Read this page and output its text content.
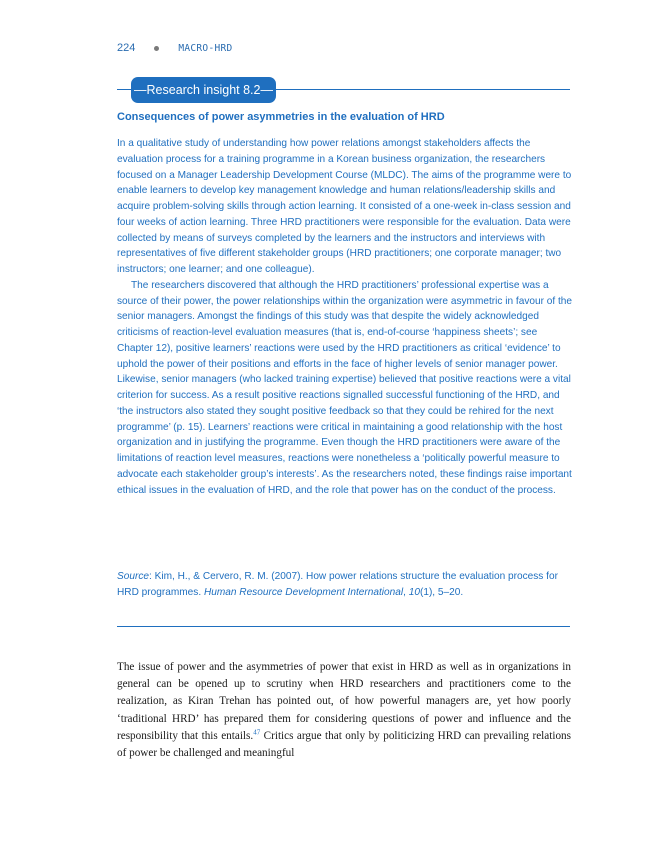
224	MACRO-HRD
— Research insight 8.2 —
Consequences of power asymmetries in the evaluation of HRD

In a qualitative study of understanding how power relations amongst stakeholders affects the evaluation process for a training programme in a Korean business organization, the researchers focused on a Manager Leadership Development Course (MLDC). The aims of the programme were to enable learners to develop key management knowledge and human relations/leadership skills and acquire problem-solving skills through action learning. It consisted of a one-week in-class session and four weeks of action learning. Three HRD practitioners were responsible for the evaluation. Data were collected by means of surveys completed by the learners and the instructors and interviews with representatives of five different stakeholder groups (HRD practitioners; one corporate manager; two instructors; one learner; and one colleague).

The researchers discovered that although the HRD practitioners’ professional expertise was a source of their power, the power relationships within the organization were asymmetric in favour of the senior managers. Amongst the findings of this study was that despite the widely acknowledged criticisms of reaction-level evaluation measures (that is, end-of-course ‘happiness sheets’; see Chapter 12), positive learners’ reactions were used by the HRD practitioners as critical ‘evidence’ to uphold the power of their positions and efforts in the face of higher levels of senior manager power. Likewise, senior managers (who lacked training expertise) believed that positive reactions were a vital criterion for success. As a result positive reactions signalled successful functioning of the HRD, and ‘the instructors also stated they sought positive feedback so that they could be rehired for the next programme’ (p. 15). Learners’ reactions were critical in maintaining a good relationship with the host organization and in justifying the programme. Even though the HRD practitioners were aware of the limitations of reaction level measures, reactions were nonetheless a ‘politically powerful measure to advocate each stakeholder group’s interests’. As the researchers noted, these findings raise important ethical issues in the evaluation of HRD, and the role that power has on the conduct of the process.

Source: Kim, H., & Cervero, R. M. (2007). How power relations structure the evaluation process for HRD programmes. Human Resource Development International, 10(1), 5–20.

The issue of power and the asymmetries of power that exist in HRD as well as in organizations in general can be opened up to scrutiny when HRD researchers and practitioners come to the realization, as Kiran Trehan has pointed out, of how powerful managers are, yet how poorly ‘traditional HRD’ has prepared them for considering questions of power and influence and the responsibility that this entails.$^{47}$ Critics argue that only by politicizing HRD can prevailing relations of power be challenged and meaningful
